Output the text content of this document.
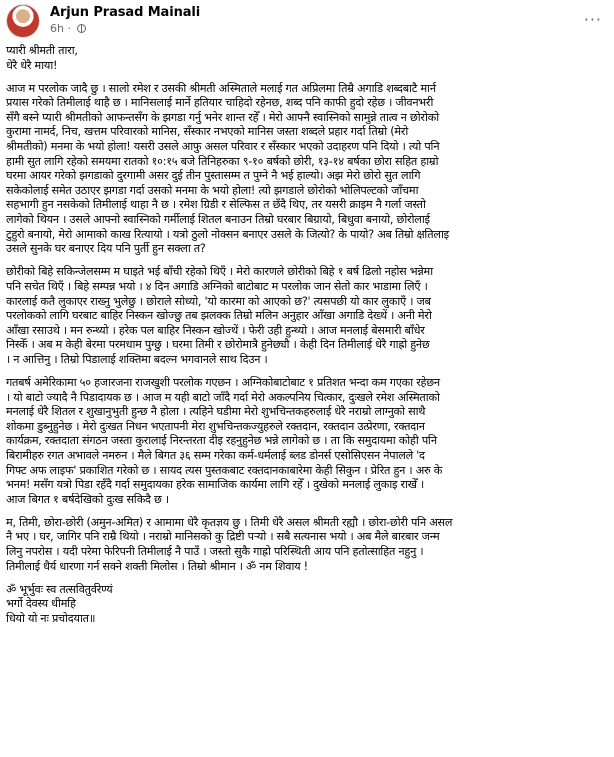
Arjun Prasad Mainali
6h ·	···

प्यारी श्रीमती तारा,
धेरै धेरै माया!

आज म परलोक जादै छु । सालो रमेश र उसकी श्रीमती अस्मिताले मलाई गत अप्रिलमा तिम्रै अगाडि शब्दबाटै मार्न
प्रयास गरेको तिमीलाई थाहै छ । मानिसलाई मार्ने हतियार चाहिदो रहेनछ, शब्द पनि काफी हुदो रहेछ । जीवनभरी
सँगै बस्ने प्यारी श्रीमतीको आफन्तसँग के झगडा गर्नु भनेर शान्त रहेँ । मेरो आफ्नै स्वास्निको सामुन्ने तात्व न छोरोको
कुरामा नामर्द, निच, खत्तम परिवारको मानिस, सँस्कार नभएको मानिस जस्ता शब्दले प्रहार गर्दा तिम्रो (मेरो
श्रीमतीको) मनमा के भयो होला! यसरी उसले आफु असल परिवार र सँस्कार भएको उदाहरण पनि दियो । त्यो पनि
हामी सुत लागि रहेको समयमा रातको १०:१५ बजे तिनिहरुका ९-१० बर्षको छोरी, १३-१४ बर्षका छोरा सहित हाम्रो
घरमा आयर गरेको झगडाको दुरगामी असर दुई तीन पुस्तासम्म त पुग्ने नै भई हाल्यो। अझ मेरो छोरो सुत लागि
सकेकोलाई समेत उठाएर झगडा गर्दा उसको मनमा के भयो होला! त्यो झगडाले छोरोको भोलिपल्टको जाँचमा
सहभागी हुन नसकेको तिमीलाई थाहा नै छ । रमेश ग्रिडी र सेल्फिस त छँदै थिए, तर यसरी क्राइम नै गर्ला जस्तो
लागेको थियन । उसले आफ्नो स्वास्निको गर्मीलाई शितल बनाउन तिम्रो घरबार बिग्रायो, बिधुवा बनायो, छोरोलाई
टुहुरो बनायो, मेरो आमाको काख रित्यायो । यत्रो ठुलो नोक्सन बनाएर उसले के जित्यो? के पायो? अब तिम्रो क्षतिलाइ
उसले सुनके घर बनाएर दिय पनि पुर्ती हुन सक्ला त?

छोरीको बिहे सकिन्जेलसम्म म घाइते भई बाँची रहेको थिएँ । मेरो कारणले छोरीको बिहे १ बर्ष ढिलो नहोस भन्नेमा
पनि सचेत थिएँ । बिहे सम्पन्न भयो । ४ दिन अगाडि अग्निको बाटोबाट म परलोक जान सेतो कार भाडामा लिएँ ।
कारलाई कतै लुकाएर राख्नु भुलेछु । छोराले सोध्यो, 'यो कारमा को आएको छ?' त्यसपछी यो कार लुकाएँ । जब
परलोकको लागि घरबाट बाहिर निस्कन खोज्छु तब झलक्क तिम्रो मलिन अनुहार आँखा अगाडि देख्थें । अनी मेरो
आँखा रसाउथे । मन रुन्थ्यो । हरेक पल बाहिर निस्कन खोज्थें । फेरी उही हुन्थ्यो । आज मनलाई बेसमारी बाँधेर
निस्केँ । अब म केही बेरमा परमधाम पुग्छु । घरमा तिमी र छोरोमात्रै हुनेछ्यौ । केही दिन तिमीलाई धेरै गाह्रो हुनेछ
। न आत्तिनु । तिम्रो पिडालाई शक्तिमा बदल्न भगवानले साथ दिउन ।

गतबर्ष अमेरिकामा ५० हजारजना राजखुशी परलोक गएछन । अग्निकोबाटोबाट १ प्रतिशत भन्दा कम गएका रहेछन
। यो बाटो ज्यादै नै पिडादायक छ । आज म यही बाटो जाँदै गर्दा मेरो अकल्पनिय चित्कार, दुःखले रमेश अस्मिताको
मनलाई धेरै शितल र शुखानुभुती हुन्छ नै होला । त्यहिने घडीमा मेरो शुभचिन्तकहरुलाई धेरै नराम्रो लाग्नुको साथै
शोकमा डुब्नुहुनेछ । मेरो दुःखत निधन भएतापनी मेरा शुभचिन्तकज्युहरुले रक्तदान, रक्तदान उत्प्रेरणा, रक्तदान
कार्यक्रम, रक्तदाता संगठन जस्ता कुरालाई निरन्तरता दीइ रहनुहुनेछ भन्ने लागेको छ । ता कि समुदायमा कोही पनि
बिरामीहरु रगत अभावले नमरुन । मैले बिगत ३६ सम्म गरेका कर्म-धर्मलाई ब्लड डोनर्स एसोसिएसन नेपालले 'द
गिफ्ट अफ लाइफ' प्रकाशित गरेको छ । सायद त्यस पुस्तकबाट रक्तदानकाबारेमा केही सिकुन । प्रेरित हुन । अरु के
भनम! मसँग यत्रो पिडा रहँदै गर्दा समुदायका हरेक सामाजिक कार्यमा लागि रहेँ । दुखेको मनलाई लुकाइ राखेँ ।
आज बिगत १ बर्षदेखिको दुःख सकिदै छ ।

म, तिमी, छोरा-छोरी (अमुन-अमित) र आमामा धेरै कृतज्ञय छु । तिमी धेरै असल श्रीमती रह्यौ । छोरा-छोरी पनि असल
नै भए । घर, जागिर पनि राम्रै थियो । नराम्रो मानिसको कु द्रिष्टी पर्‍यो । सबै सत्यनास भयो । अब मैले बारबार जन्म
लिनु नपरोस । यदी परेमा फेरिपनी तिमीलाई नै पाउँ । जस्तो सुकै गाह्रो परिस्थिती आय पनि हतोत्साहित नहुनु ।
तिमीलाई धैर्य धारणा गर्न सक्ने शक्ती मिलोस । तिम्रो श्रीमान । ॐ नम शिवाय !

ॐ भूर्भुवः स्व तत्सवितुर्वरेण्यं
भर्गो देवस्य धीमहि
धियो यो नः प्रचोदयात॥
